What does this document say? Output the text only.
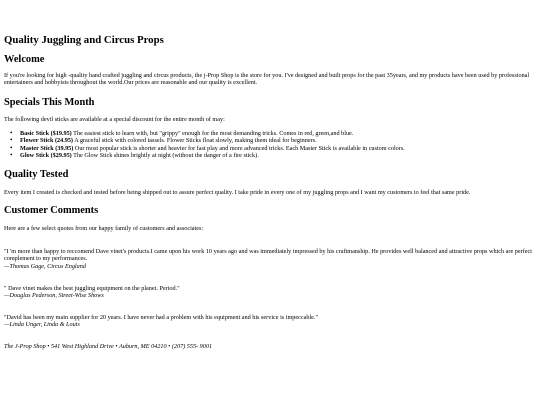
Quality Juggling and Circus Props
Welcome

If you're looking for high -quality hand crafted juggling and circus products, the j-Prop Shop is the store for you. I've designed and built props for the past 35years, and my products have been used by professional entertainers and hobbyists throughout the world.Our prices are reasonable and our quality is excellent.

Specials This Month

The following devil sticks are available at a special discount for the entire month of may:

• Basic Stick ($19.95) The easiest stick to learn with, but "grippy" enough for the most demanding tricks. Comes in red, green,and blue.
• Flower Stick (24.95) A graceful stick with colored tassels. Flower Sticks float slowly, making them ideal for beginners.
• Master Stick (39.95) Our most popular stick is shorter and heavier for fast play and more advanced tricks. Each Master Stick is available in custom colors.
• Glow Stick ($29.95) The Glow Stick shines brightly at night (without the danger of a fire stick).
Quality Tested

Every item I created is checked and tested before being shipped out to assure perfect quality. I take pride in every one of my juggling props and I want my customers to feel that same pride.

Customer Comments

Here are a few select quotes from our happy family of customers and associates:

"I 'm more than happy to reccomend Dave vinet's products.I came upon his work 10 years ago and was immediately impressed by his craftmanship. He provides well balanced and attractive props which are perfect complement to my performances.
—Thomas Gage, Circus England
" Dave vinet makes the best juggling equipment on the planet. Period."
—Douglas Pederson, Street-Wise Shows
"David has been my main supplier for 20 years. I have never had a problem with his equipment and his service is impeccable."
—Linda Unger, Linda & Louis
The J-Prop Shop • 541 West Highland Drive • Auburn, ME 04210 • (207) 555- 9001
